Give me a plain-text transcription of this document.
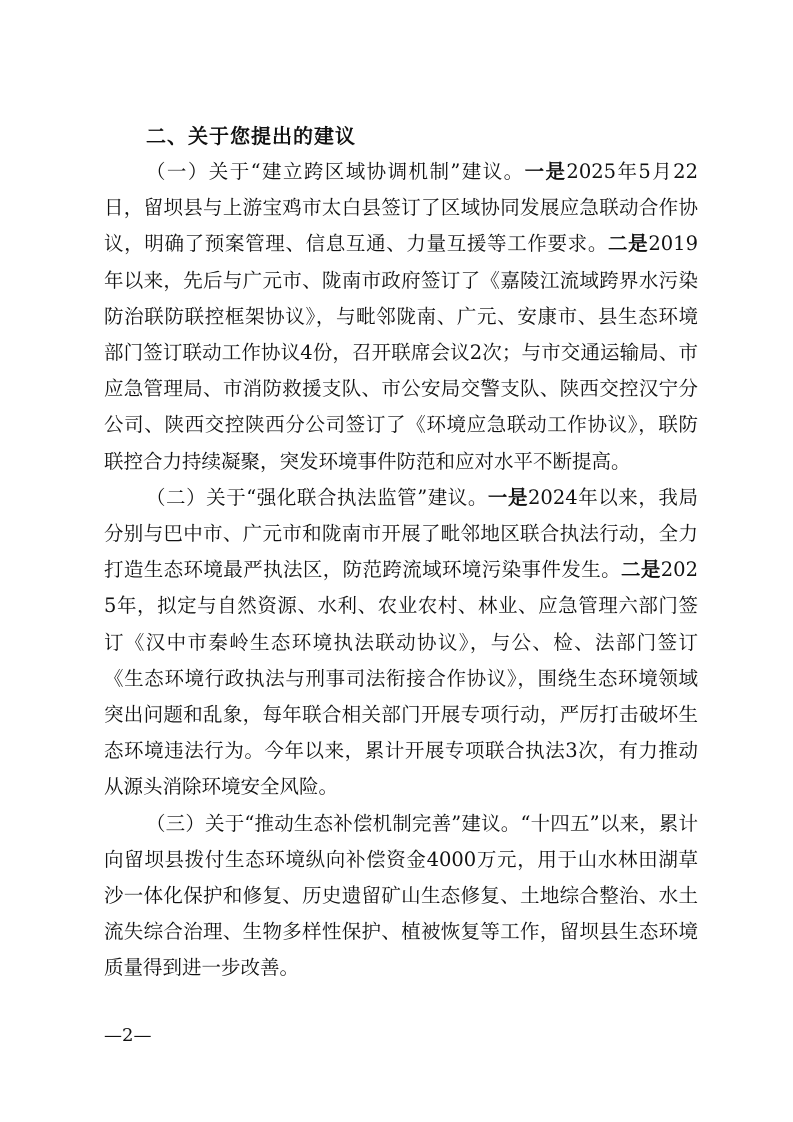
二、关于您提出的建议

（一）关于“建立跨区域协调机制”建议。一是2025年5月22日，留坝县与上游宝鸡市太白县签订了区域协同发展应急联动合作协议，明确了预案管理、信息互通、力量互援等工作要求。二是2019年以来，先后与广元市、陇南市政府签订了《嘉陵江流域跨界水污染防治联防联控框架协议》，与毗邻陇南、广元、安康市、县生态环境部门签订联动工作协议4份，召开联席会议2次；与市交通运输局、市应急管理局、市消防救援支队、市公安局交警支队、陕西交控汉宁分公司、陕西交控陕西分公司签订了《环境应急联动工作协议》，联防联控合力持续凝聚，突发环境事件防范和应对水平不断提高。

（二）关于“强化联合执法监管”建议。一是2024年以来，我局分别与巴中市、广元市和陇南市开展了毗邻地区联合执法行动，全力打造生态环境最严执法区，防范跨流域环境污染事件发生。二是2025年，拟定与自然资源、水利、农业农村、林业、应急管理六部门签订《汉中市秦岭生态环境执法联动协议》，与公、检、法部门签订《生态环境行政执法与刑事司法衔接合作协议》，围绕生态环境领域突出问题和乱象，每年联合相关部门开展专项行动，严厉打击破坏生态环境违法行为。今年以来，累计开展专项联合执法3次，有力推动从源头消除环境安全风险。

（三）关于“推动生态补偿机制完善”建议。“十四五”以来，累计向留坝县拨付生态环境纵向补偿资金4000万元，用于山水林田湖草沙一体化保护和修复、历史遗留矿山生态修复、土地综合整治、水土流失综合治理、生物多样性保护、植被恢复等工作，留坝县生态环境质量得到进一步改善。

—2—
